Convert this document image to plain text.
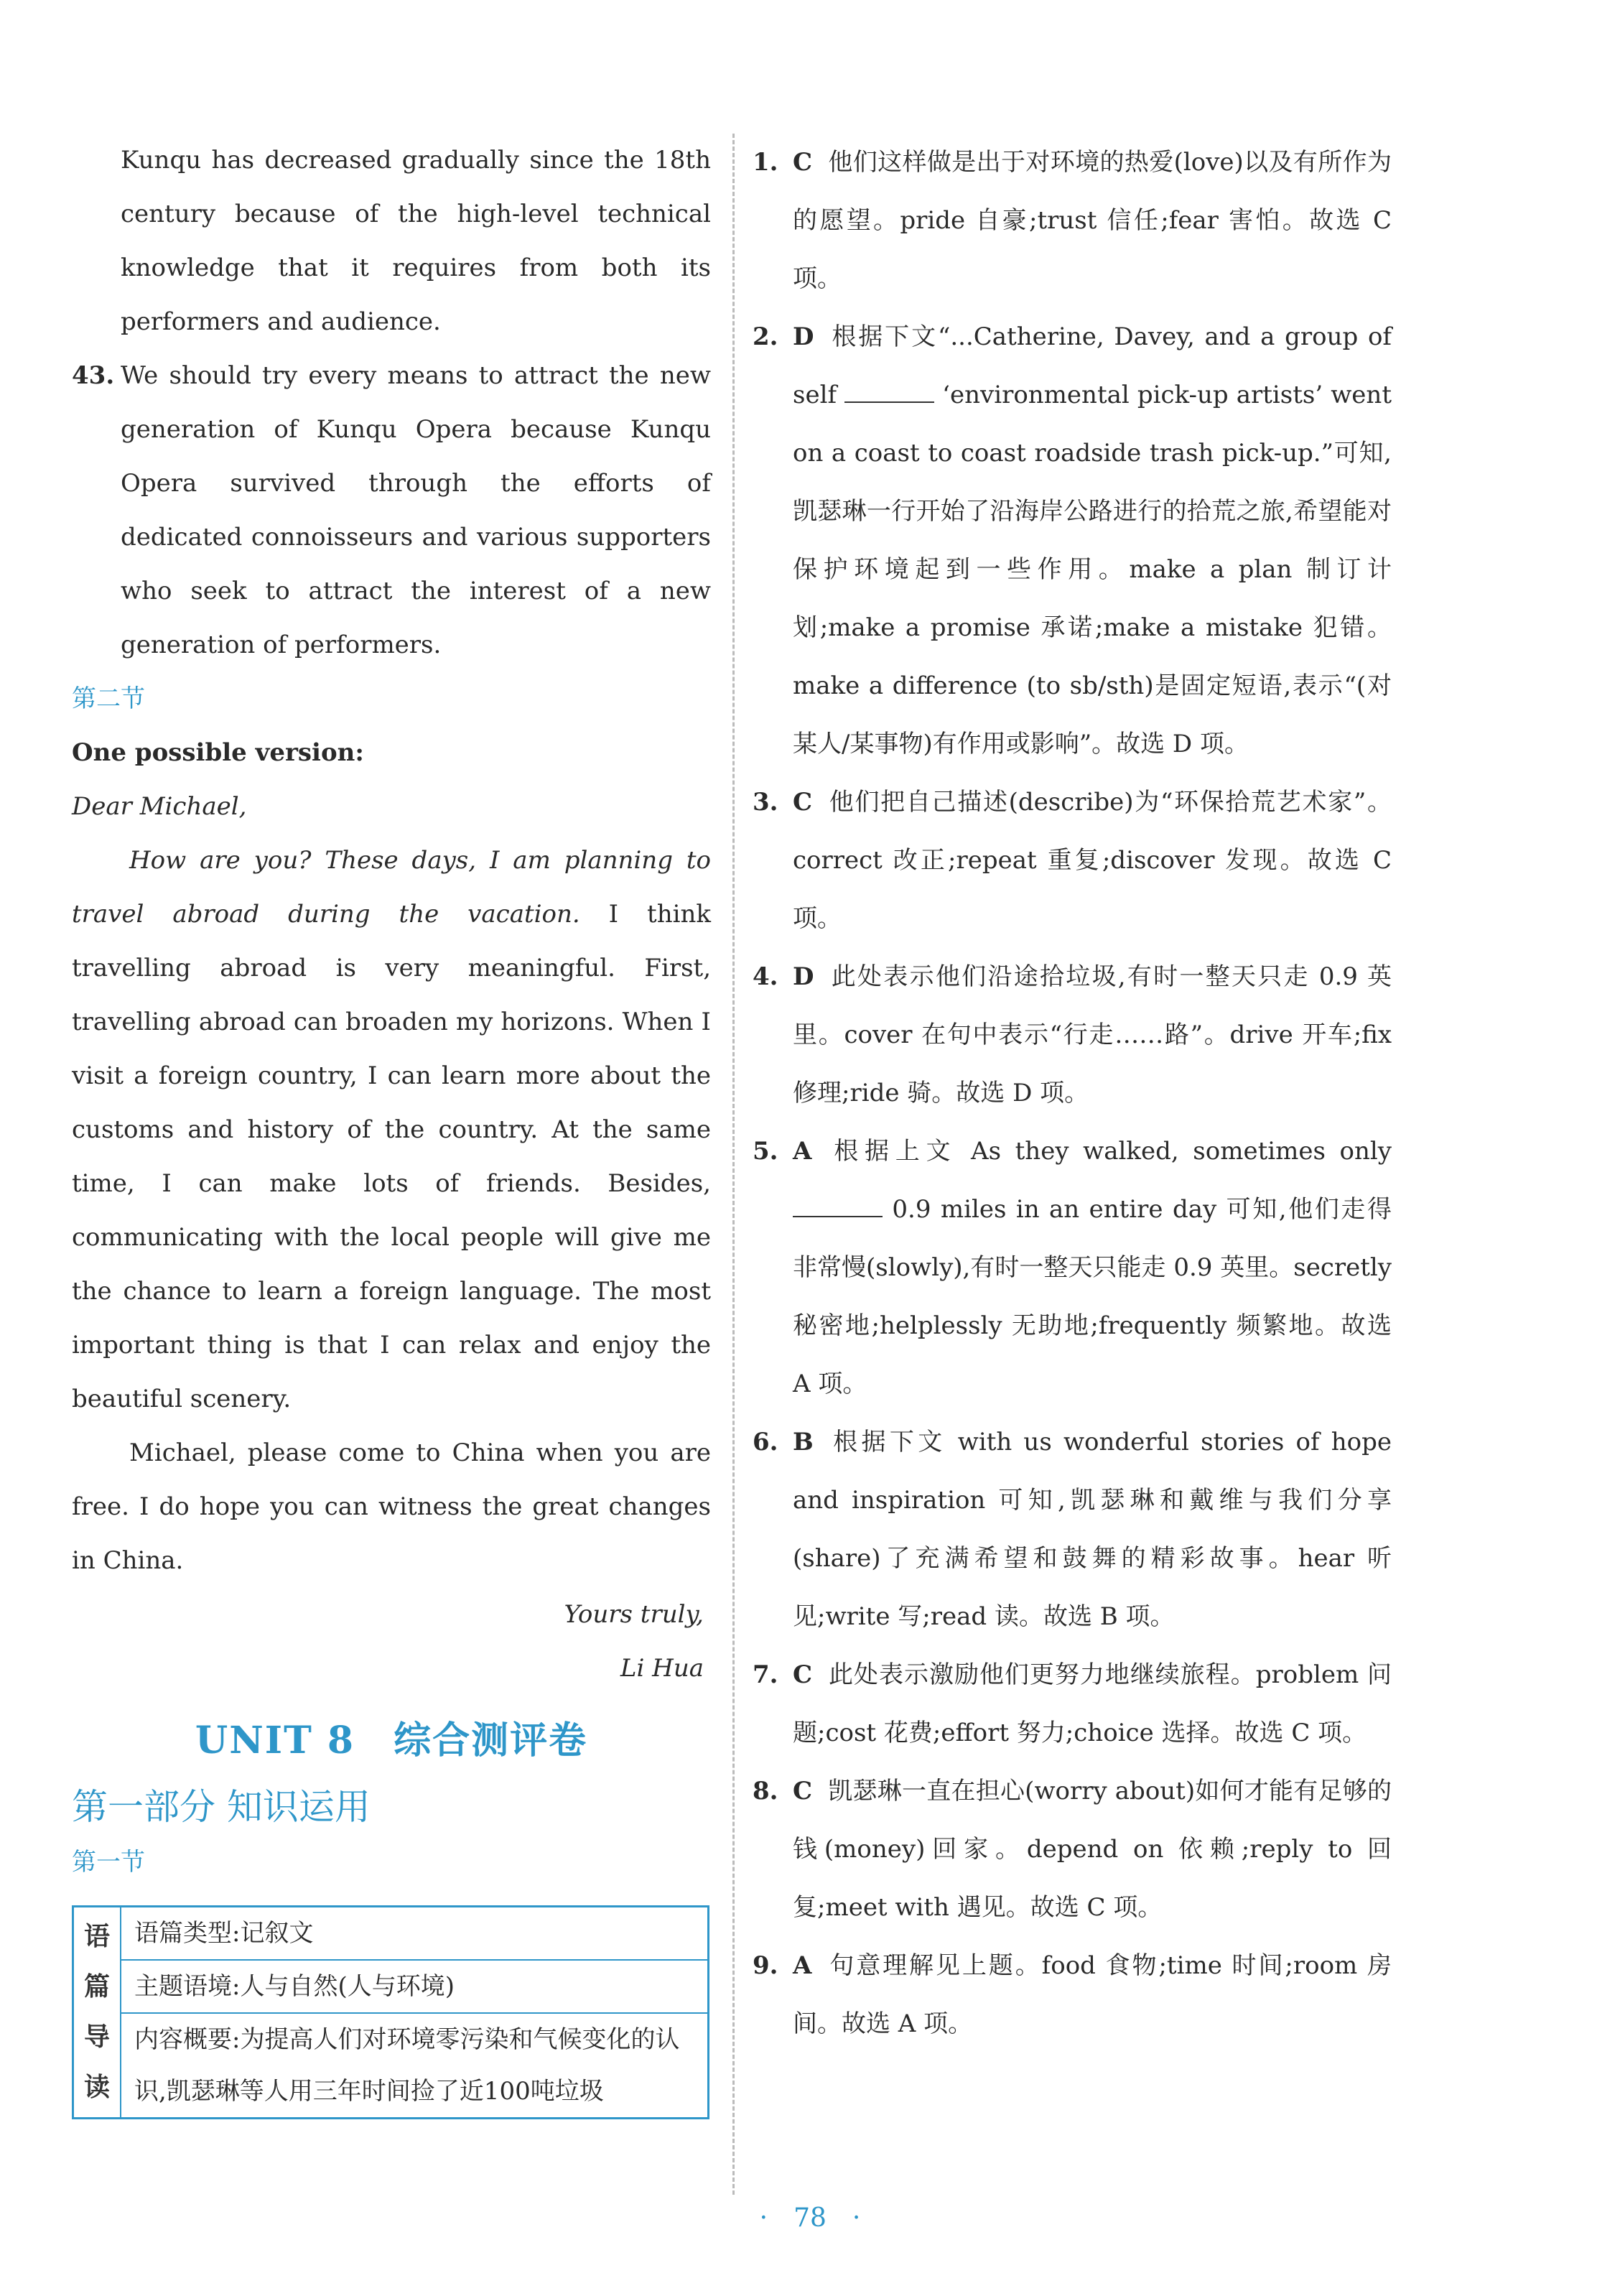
Kunqu has decreased gradually since the 18th century because of the high-level technical knowledge that it requires from both its performers and audience.

43. We should try every means to attract the new generation of Kunqu Opera because Kunqu Opera survived through the efforts of dedicated connoisseurs and various supporters who seek to attract the interest of a new generation of performers.

第二节

One possible version:

Dear Michael,

How are you? These days, I am planning to travel abroad during the vacation. I think travelling abroad is very meaningful. First, travelling abroad can broaden my horizons. When I visit a foreign country, I can learn more about the customs and history of the country. At the same time, I can make lots of friends. Besides, communicating with the local people will give me the chance to learn a foreign language. The most important thing is that I can relax and enjoy the beautiful scenery.

Michael, please come to China when you are free. I do hope you can witness the great changes in China.

Yours truly,

Li Hua

UNIT 8　综合测评卷

第一部分 知识运用

第一节

语
篇
导
读
语篇类型:记叙文
主题语境:人与自然(人与环境)
内容概要:为提高人们对环境零污染和气候变化的认识,凯瑟琳等人用三年时间捡了近100吨垃圾
1. C 他们这样做是出于对环境的热爱(love)以及有所作为的愿望。pride 自豪;trust 信任;fear 害怕。故选 C 项。
2. D 根据下文“...Catherine, Davey, and a group of self	‘environmental pick-up artists’ went on a coast to coast roadside trash pick-up.”可知,凯瑟琳一行开始了沿海岸公路进行的拾荒之旅,希望能对保护环境起到一些作用。make a plan 制订计划;make a promise 承诺;make a mistake 犯错。make a difference (to sb/sth)是固定短语,表示“(对某人/某事物)有作用或影响”。故选 D 项。
3. C 他们把自己描述(describe)为“环保拾荒艺术家”。correct 改正;repeat 重复;discover 发现。故选 C 项。
4. D 此处表示他们沿途拾垃圾,有时一整天只走 0.9 英里。cover 在句中表示“行走……路”。drive 开车;fix 修理;ride 骑。故选 D 项。
5. A 根据上文 As they walked, sometimes only  0.9 miles in an entire day 可知,他们走得非常慢(slowly),有时一整天只能走 0.9 英里。secretly 秘密地;helplessly 无助地;frequently 频繁地。故选 A 项。
6. B 根据下文 with us wonderful stories of hope and inspiration 可知,凯瑟琳和戴维与我们分享(share)了充满希望和鼓舞的精彩故事。hear 听见;write 写;read 读。故选 B 项。
7. C 此处表示激励他们更努力地继续旅程。problem 问题;cost 花费;effort 努力;choice 选择。故选 C 项。
8. C 凯瑟琳一直在担心(worry about)如何才能有足够的钱(money)回家。depend on 依赖;reply to 回复;meet with 遇见。故选 C 项。
9. A 句意理解见上题。food 食物;time 时间;room 房间。故选 A 项。
·　78　·
